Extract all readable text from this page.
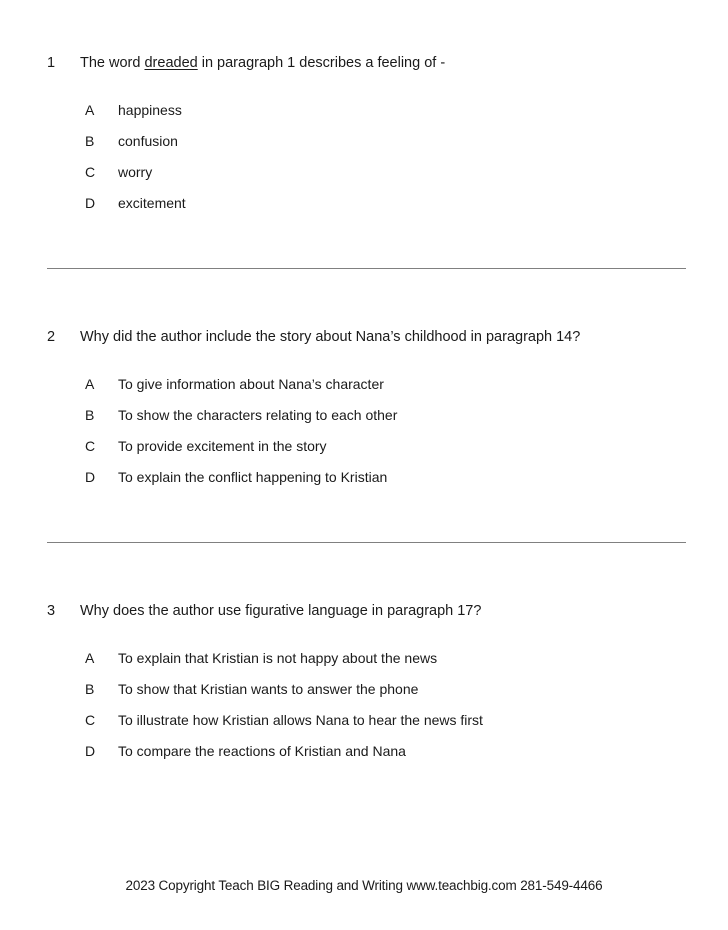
1	The word dreaded in paragraph 1 describes a feeling of -
A	happiness
B	confusion
C	worry
D	excitement
2	Why did the author include the story about Nana’s childhood in paragraph 14?
A	To give information about Nana’s character
B	To show the characters relating to each other
C	To provide excitement in the story
D	To explain the conflict happening to Kristian
3	Why does the author use figurative language in paragraph 17?
A	To explain that Kristian is not happy about the news
B	To show that Kristian wants to answer the phone
C	To illustrate how Kristian allows Nana to hear the news first
D	To compare the reactions of Kristian and Nana
2023 Copyright Teach BIG Reading and Writing www.teachbig.com 281-549-4466
